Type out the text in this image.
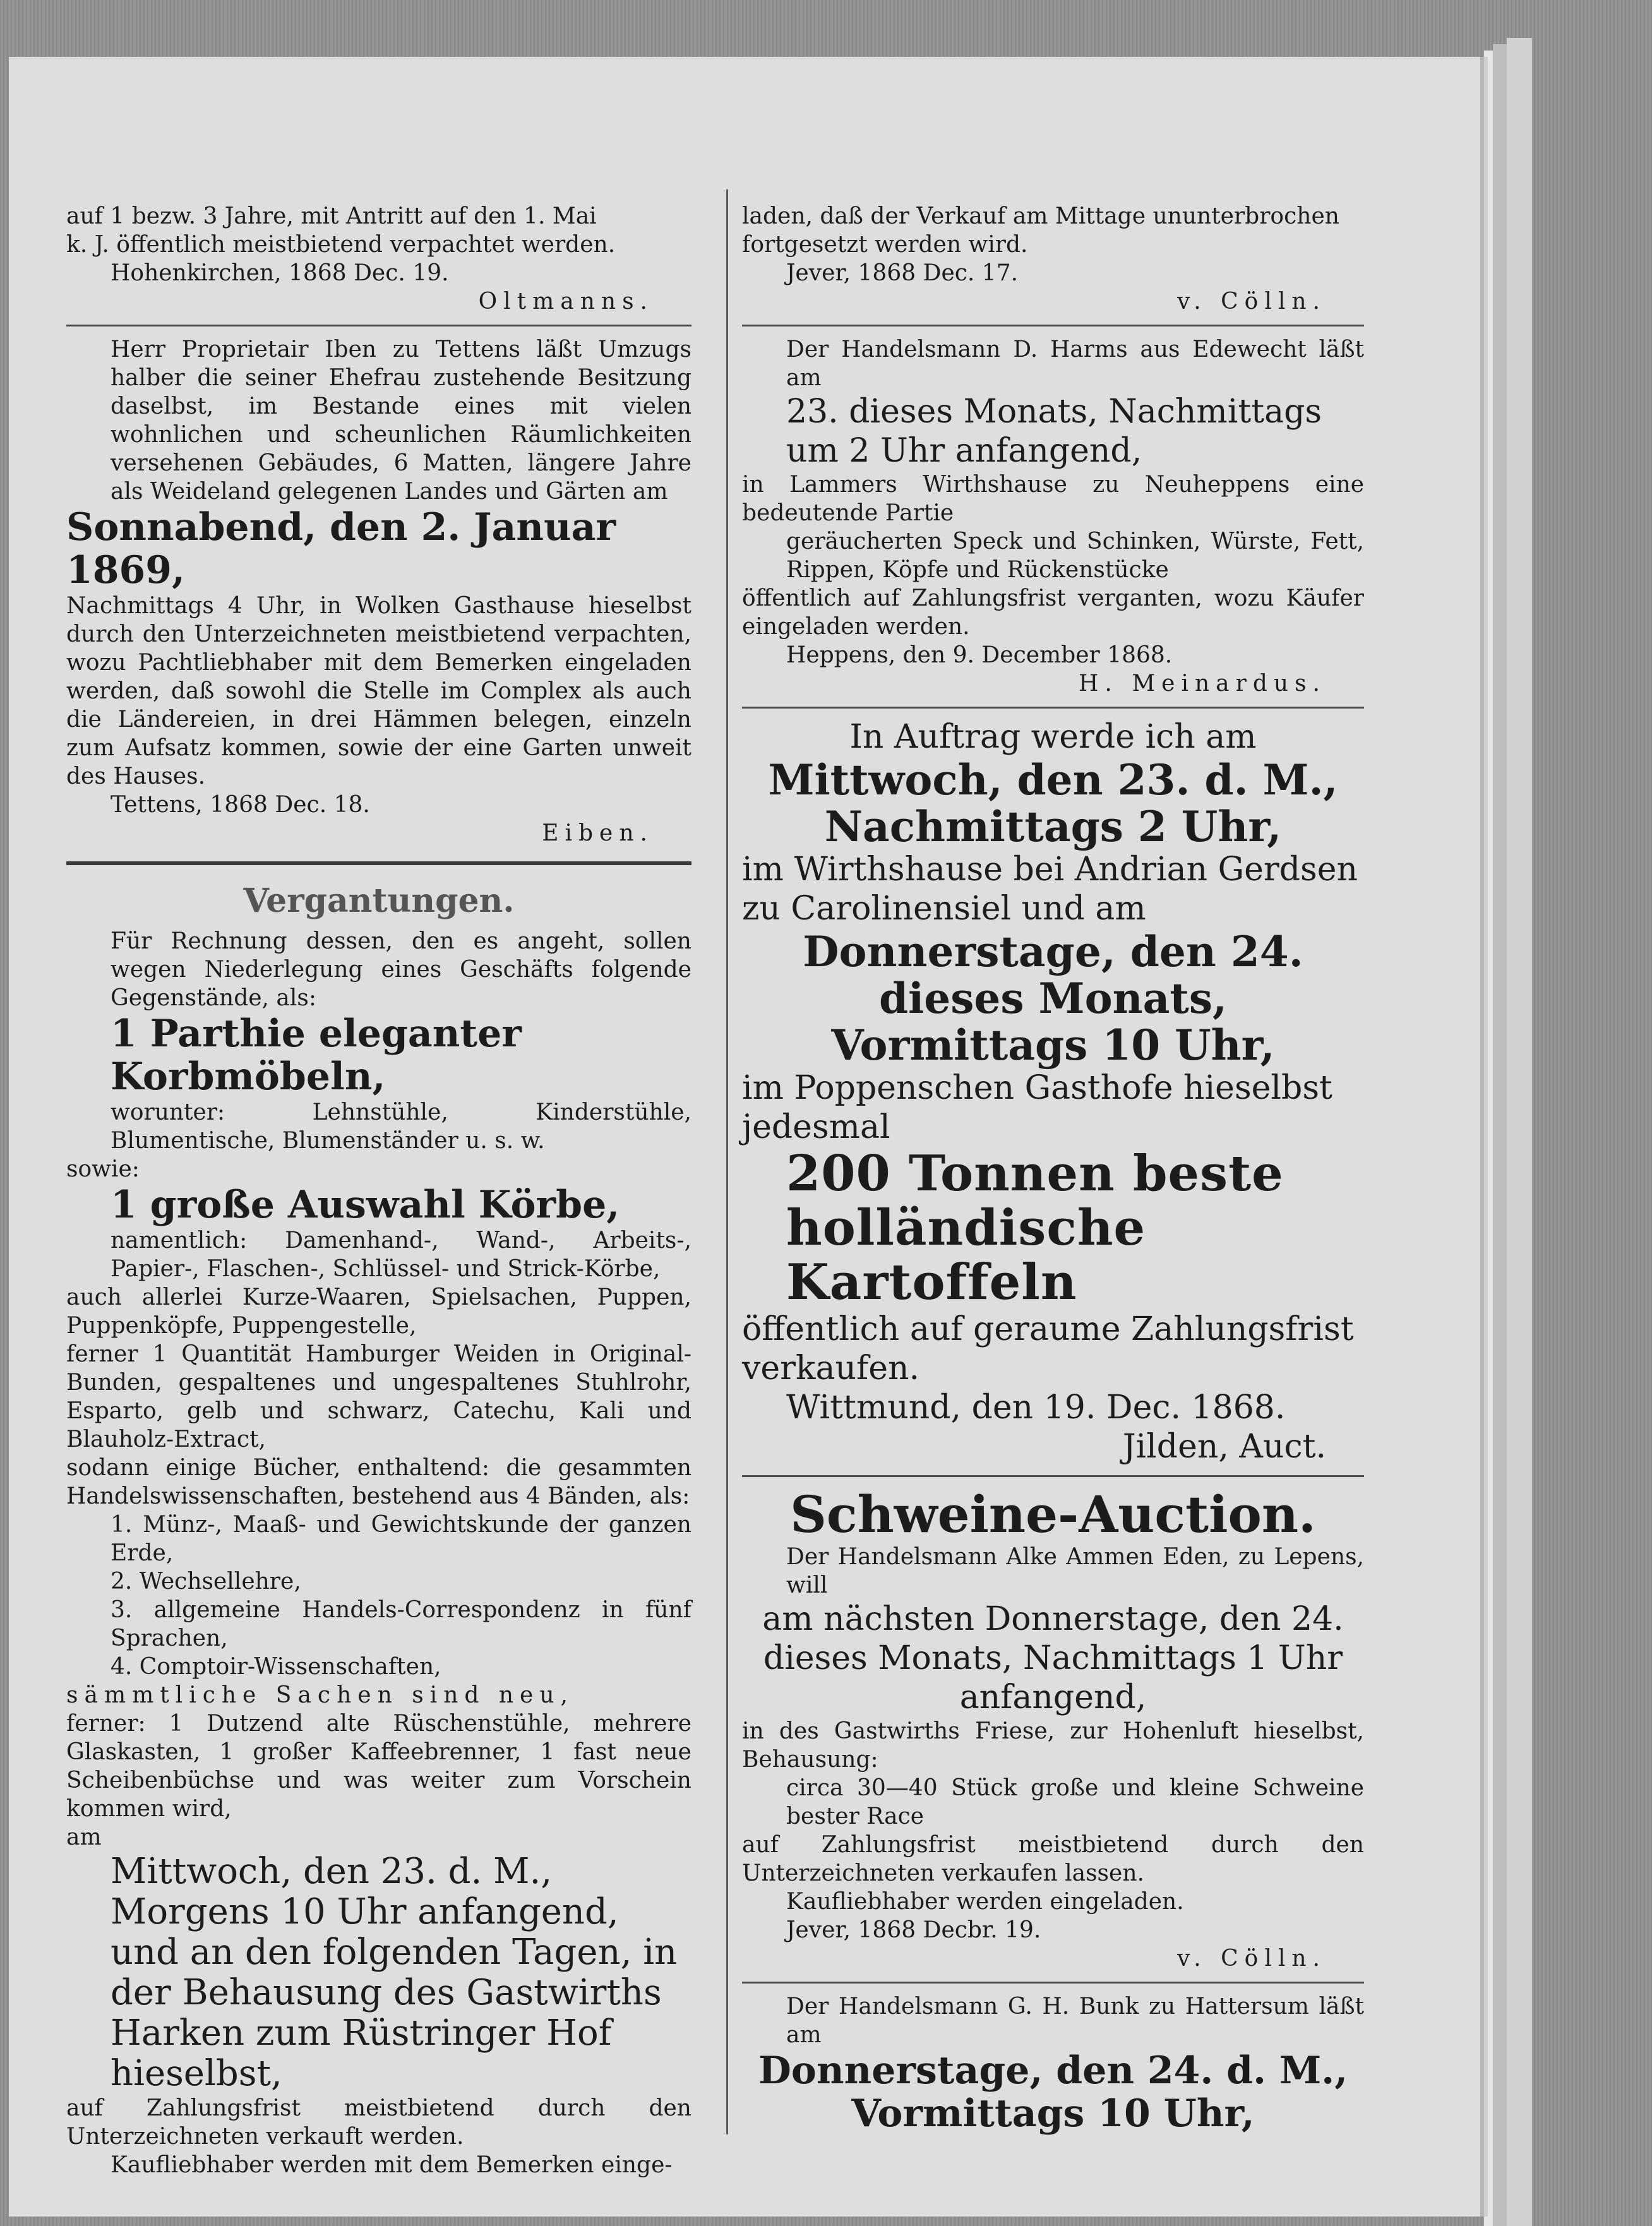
auf 1 bezw. 3 Jahre, mit Antritt auf den 1. Mai

k. J. öffentlich meistbietend verpachtet werden.

Hohenkirchen, 1868 Dec. 19.

Oltmanns.

Herr Proprietair Iben zu Tettens läßt Umzugs halber die seiner Ehefrau zustehende Besitzung daselbst, im Bestande eines mit vielen wohnlichen und scheunlichen Räumlichkeiten versehenen Gebäudes, 6 Matten, längere Jahre als Weideland gelegenen Landes und Gärten am

Sonnabend, den 2. Januar 1869,

Nachmittags 4 Uhr, in Wolken Gasthause hieselbst durch den Unterzeichneten meistbietend verpachten, wozu Pachtliebhaber mit dem Bemerken eingeladen werden, daß sowohl die Stelle im Complex als auch die Ländereien, in drei Hämmen belegen, einzeln zum Aufsatz kommen, sowie der eine Garten unweit des Hauses.

Tettens, 1868 Dec. 18.

Eiben.

Vergantungen.

Für Rechnung dessen, den es angeht, sollen wegen Niederlegung eines Geschäfts folgende Gegenstände, als:

1 Parthie eleganter Korbmöbeln,

worunter: Lehnstühle, Kinderstühle, Blumentische, Blumenständer u. s. w.

sowie:

1 große Auswahl Körbe,

namentlich: Damenhand-, Wand-, Arbeits-, Papier-, Flaschen-, Schlüssel- und Strick-Körbe,

auch allerlei Kurze-Waaren, Spielsachen, Puppen, Puppenköpfe, Puppengestelle,

ferner 1 Quantität Hamburger Weiden in Original-Bunden, gespaltenes und ungespaltenes Stuhlrohr, Esparto, gelb und schwarz, Catechu, Kali und Blauholz-Extract,

sodann einige Bücher, enthaltend: die gesammten Handelswissenschaften, bestehend aus 4 Bänden, als:

1. Münz-, Maaß- und Gewichtskunde der ganzen Erde,

2. Wechsellehre,

3. allgemeine Handels-Correspondenz in fünf Sprachen,

4. Comptoir-Wissenschaften,

sämmtliche Sachen sind neu,

ferner: 1 Dutzend alte Rüschenstühle, mehrere Glaskasten, 1 großer Kaffeebrenner, 1 fast neue Scheibenbüchse und was weiter zum Vorschein kommen wird,

am

Mittwoch, den 23. d. M., Morgens 10 Uhr anfangend, und an den folgenden Tagen, in der Behausung des Gastwirths Harken zum Rüstringer Hof hieselbst,

auf Zahlungsfrist meistbietend durch den Unterzeichneten verkauft werden.

Kaufliebhaber werden mit dem Bemerken einge-

laden, daß der Verkauf am Mittage ununterbrochen

fortgesetzt werden wird.

Jever, 1868 Dec. 17.

v. Cölln.

Der Handelsmann D. Harms aus Edewecht läßt am

23. dieses Monats, Nachmittags um 2 Uhr anfangend,

in Lammers Wirthshause zu Neuheppens eine bedeutende Partie

geräucherten Speck und Schinken, Würste, Fett, Rippen, Köpfe und Rückenstücke

öffentlich auf Zahlungsfrist verganten, wozu Käufer eingeladen werden.

Heppens, den 9. December 1868.

H. Meinardus.

In Auftrag werde ich am

Mittwoch, den 23. d. M.,

Nachmittags 2 Uhr,

im Wirthshause bei Andrian Gerdsen zu Carolinensiel und am

Donnerstage, den 24. dieses Monats,

Vormittags 10 Uhr,

im Poppenschen Gasthofe hieselbst jedesmal

200 Tonnen beste holländische Kartoffeln

öffentlich auf geraume Zahlungsfrist verkaufen.

Wittmund, den 19. Dec. 1868.

Jilden, Auct.

Schweine-Auction.

Der Handelsmann Alke Ammen Eden, zu Lepens, will

am nächsten Donnerstage, den 24. dieses Monats, Nachmittags 1 Uhr anfangend,

in des Gastwirths Friese, zur Hohenluft hieselbst, Behausung:

circa 30—40 Stück große und kleine Schweine bester Race

auf Zahlungsfrist meistbietend durch den Unterzeichneten verkaufen lassen.

Kaufliebhaber werden eingeladen.

Jever, 1868 Decbr. 19.

v. Cölln.

Der Handelsmann G. H. Bunk zu Hattersum läßt am

Donnerstage, den 24. d. M., Vormittags 10 Uhr,
